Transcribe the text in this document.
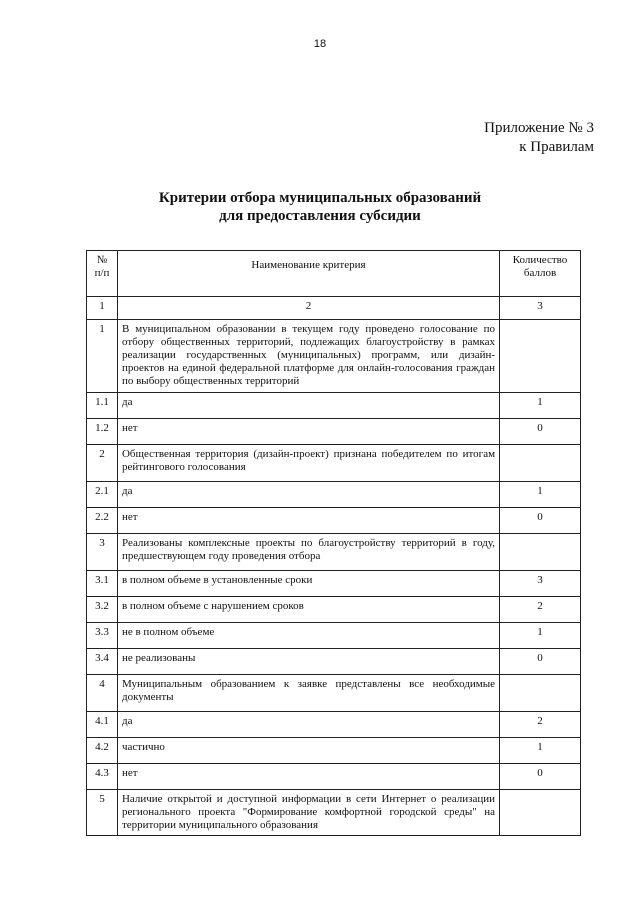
18
Приложение № 3
к Правилам
Критерии отбора муниципальных образований
для предоставления субсидии
№ п/п	Наименование критерия	Количество баллов
1	2	3
1	В муниципальном образовании в текущем году проведено голосование по отбору общественных территорий, подлежащих благоустройству в рамках реализации государственных (муниципальных) программ, или дизайн-проектов на единой федеральной платформе для онлайн-голосования граждан по выбору общественных территорий	
1.1	да	1
1.2	нет	0
2	Общественная территория (дизайн-проект) признана победителем по итогам рейтингового голосования	
2.1	да	1
2.2	нет	0
3	Реализованы комплексные проекты по благоустройству территорий в году, предшествующем году проведения отбора	
3.1	в полном объеме в установленные сроки	3
3.2	в полном объеме с нарушением сроков	2
3.3	не в полном объеме	1
3.4	не реализованы	0
4	Муниципальным образованием к заявке представлены все необходимые документы	
4.1	да	2
4.2	частично	1
4.3	нет	0
5	Наличие открытой и доступной информации в сети Интернет о реализации регионального проекта "Формирование комфортной городской среды" на территории муниципального образования	
